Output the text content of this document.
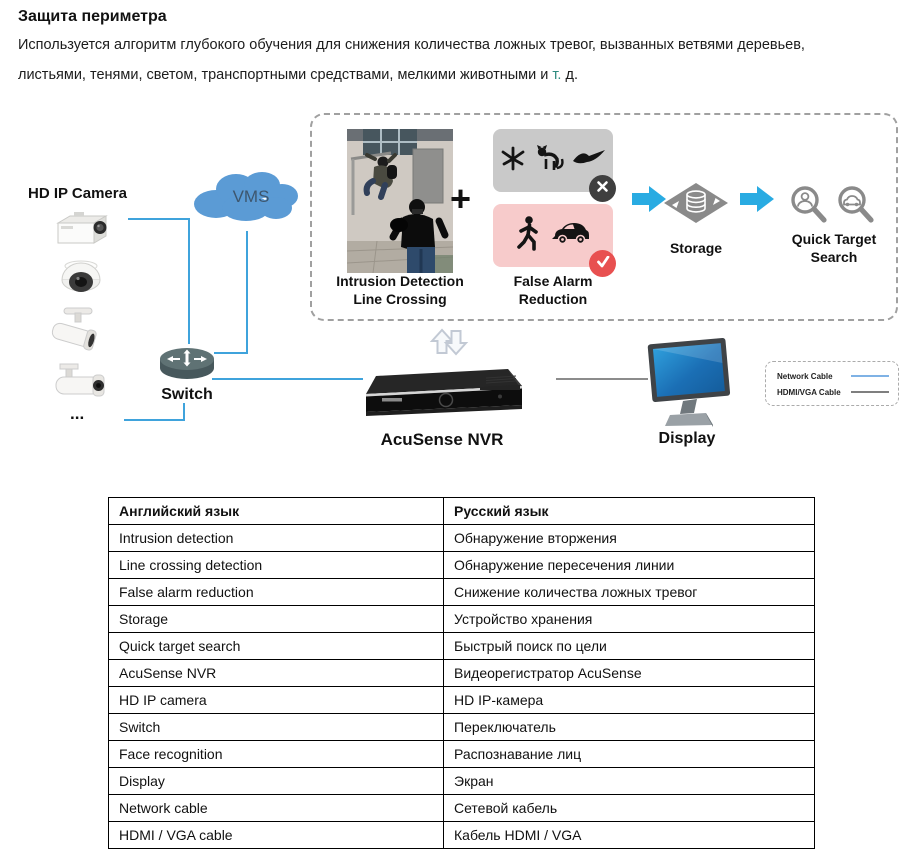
Защита периметра
Используется алгоритм глубокого обучения для снижения количества ложных тревог, вызванных ветвями деревьев,
листьями, тенями, светом, транспортными средствами, мелкими животными и т. д.
HD IP Camera
...
VMS
Switch
Intrusion Detection
Line Crossing
+
False Alarm
Reduction
Storage
Quick Target
Search
AcuSense NVR	Display
Network Cable
HDMI/VGA Cable
Английский язык	Русский язык
Intrusion detection	Обнаружение вторжения
Line crossing detection	Обнаружение пересечения линии
False alarm reduction	Снижение количества ложных тревог
Storage	Устройство хранения
Quick target search	Быстрый поиск по цели
AcuSense NVR	Видеорегистратор AcuSense
HD IP camera	HD IP-камера
Switch	Переключатель
Face recognition	Распознавание лиц
Display	Экран
Network cable	Сетевой кабель
HDMI / VGA cable	Кабель HDMI / VGA
